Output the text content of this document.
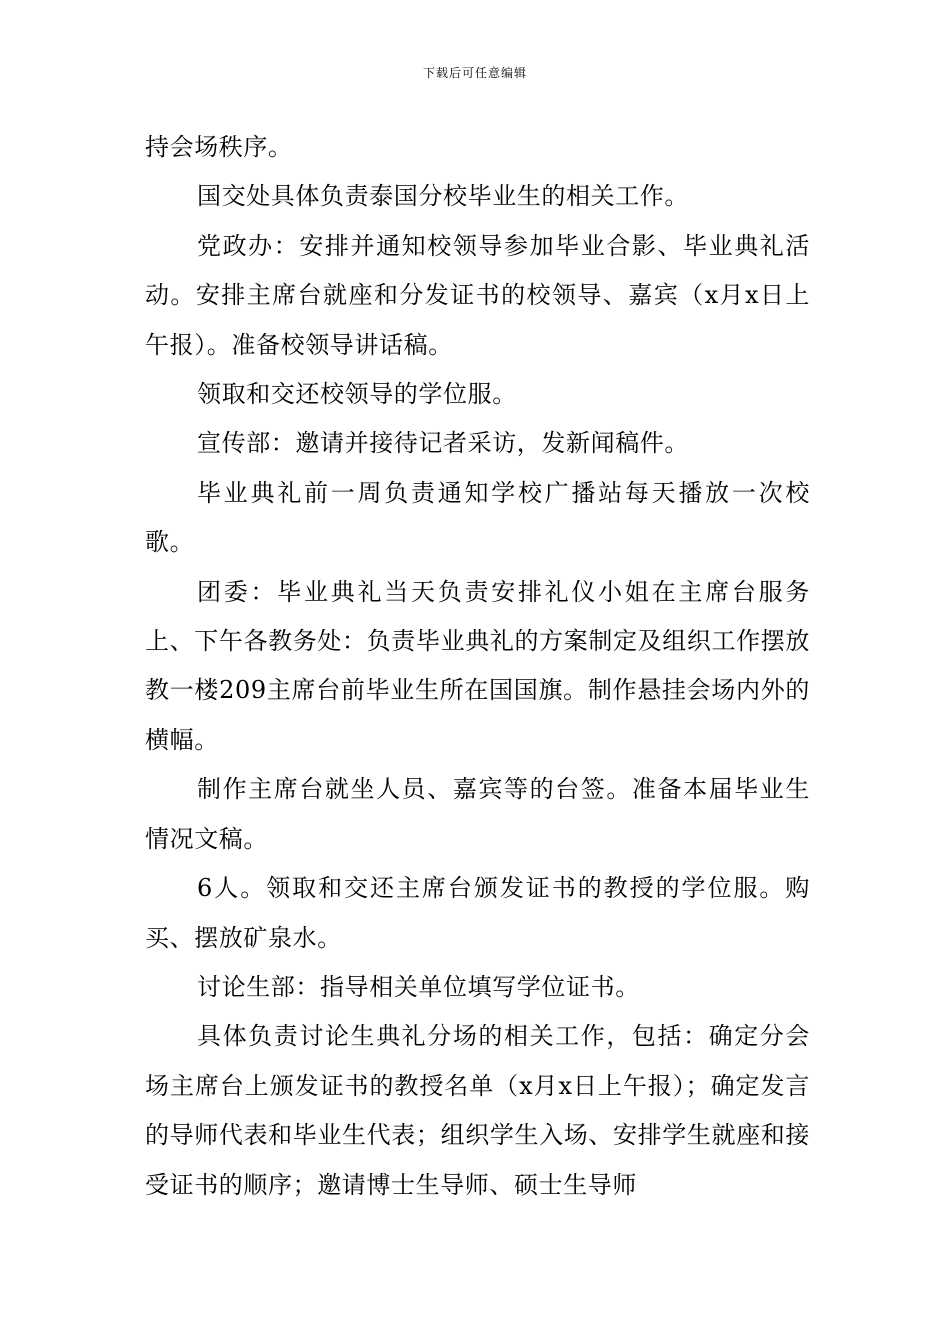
下载后可任意编辑

持会场秩序。

国交处具体负责泰国分校毕业生的相关工作。

党政办：安排并通知校领导参加毕业合影、毕业典礼活动。安排主席台就座和分发证书的校领导、嘉宾（x月x日上午报）。准备校领导讲话稿。

领取和交还校领导的学位服。

宣传部：邀请并接待记者采访，发新闻稿件。

毕业典礼前一周负责通知学校广播站每天播放一次校歌。

团委：毕业典礼当天负责安排礼仪小姐在主席台服务上、下午各教务处：负责毕业典礼的方案制定及组织工作摆放教一楼209主席台前毕业生所在国国旗。制作悬挂会场内外的横幅。

制作主席台就坐人员、嘉宾等的台签。准备本届毕业生情况文稿。

6人。领取和交还主席台颁发证书的教授的学位服。购买、摆放矿泉水。

讨论生部：指导相关单位填写学位证书。

具体负责讨论生典礼分场的相关工作，包括：确定分会场主席台上颁发证书的教授名单（x月x日上午报）；确定发言的导师代表和毕业生代表；组织学生入场、安排学生就座和接受证书的顺序；邀请博士生导师、硕士生导师
